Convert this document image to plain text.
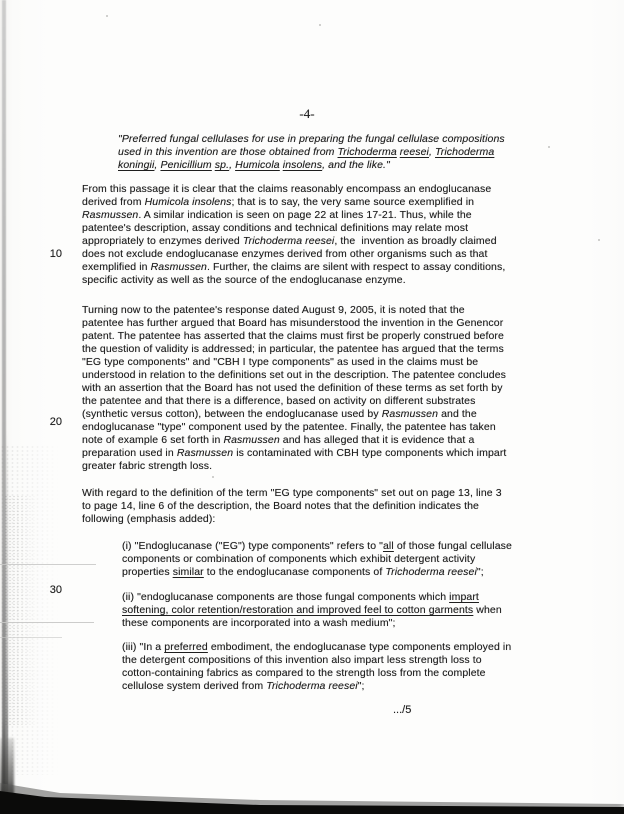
-4-
10
20
30
"Preferred fungal cellulases for use in preparing the fungal cellulase compositions
used in this invention are those obtained from Trichoderma reesei, Trichoderma
koningii, Penicillium sp., Humicola insolens, and the like."
From this passage it is clear that the claims reasonably encompass an endoglucanase
derived from Humicola insolens; that is to say, the very same source exemplified in
Rasmussen. A similar indication is seen on page 22 at lines 17-21. Thus, while the
patentee's description, assay conditions and technical definitions may relate most
appropriately to enzymes derived Trichoderma reesei, the  invention as broadly claimed
does not exclude endoglucanase enzymes derived from other organisms such as that
exemplified in Rasmussen. Further, the claims are silent with respect to assay conditions,
specific activity as well as the source of the endoglucanase enzyme.
Turning now to the patentee's response dated August 9, 2005, it is noted that the
patentee has further argued that Board has misunderstood the invention in the Genencor
patent. The patentee has asserted that the claims must first be properly construed before
the question of validity is addressed; in particular, the patentee has argued that the terms
"EG type components" and "CBH I type components" as used in the claims must be
understood in relation to the definitions set out in the description. The patentee concludes
with an assertion that the Board has not used the definition of these terms as set forth by
the patentee and that there is a difference, based on activity on different substrates
(synthetic versus cotton), between the endoglucanase used by Rasmussen and the
endoglucanase "type" component used by the patentee. Finally, the patentee has taken
note of example 6 set forth in Rasmussen and has alleged that it is evidence that a
preparation used in Rasmussen is contaminated with CBH type components which impart
greater fabric strength loss.
With regard to the definition of the term "EG type components" set out on page 13, line 3
to page 14, line 6 of the description, the Board notes that the definition indicates the
following (emphasis added):
(i) "Endoglucanase ("EG") type components" refers to "all of those fungal cellulase
components or combination of components which exhibit detergent activity
properties similar to the endoglucanase components of Trichoderma reesei";
(ii) "endoglucanase components are those fungal components which impart
softening, color retention/restoration and improved feel to cotton garments when
these components are incorporated into a wash medium";
(iii) "In a preferred embodiment, the endoglucanase type components employed in
the detergent compositions of this invention also impart less strength loss to
cotton-containing fabrics as compared to the strength loss from the complete
cellulose system derived from Trichoderma reesei";
.../5
